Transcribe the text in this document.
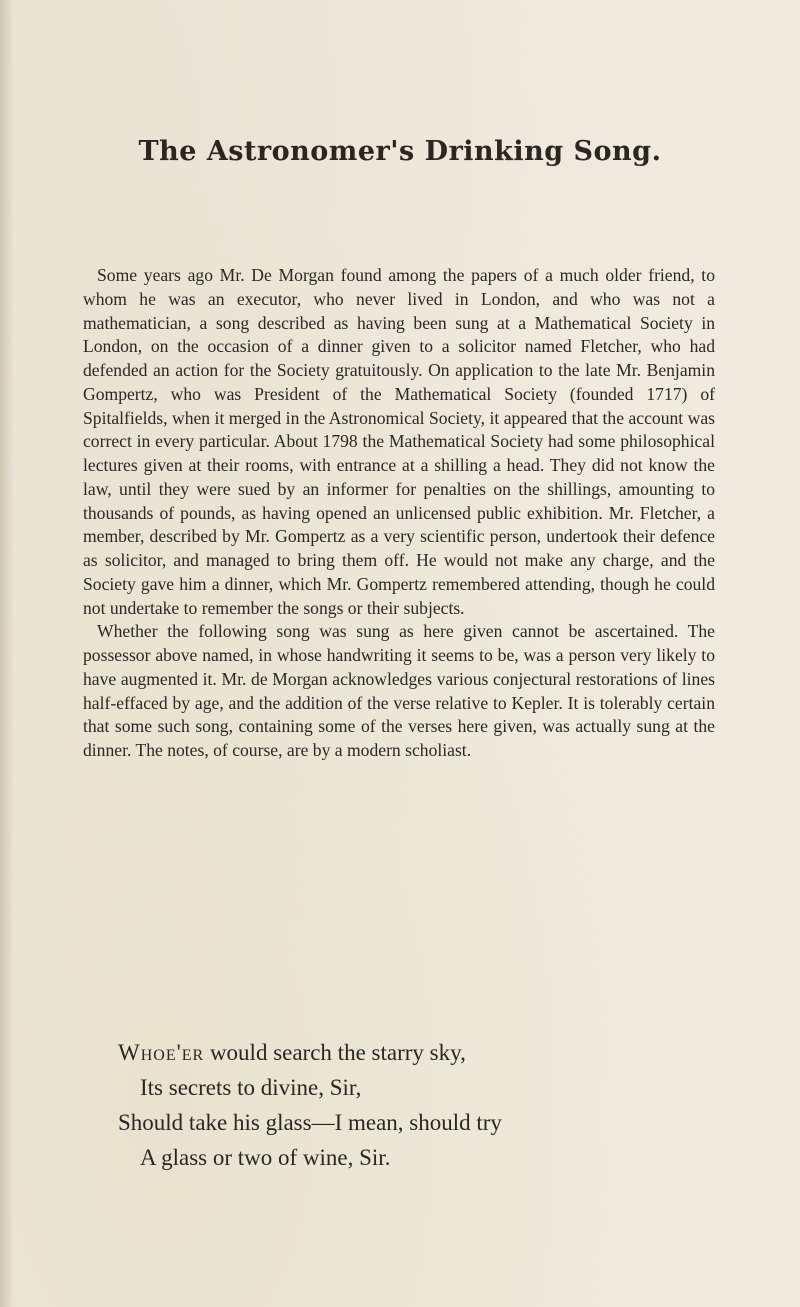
The Astronomer's Drinking Song.

Some years ago Mr. De Morgan found among the papers of a much older friend, to whom he was an executor, who never lived in London, and who was not a mathematician, a song described as having been sung at a Mathematical Society in London, on the occasion of a dinner given to a solicitor named Fletcher, who had defended an action for the Society gratuitously. On application to the late Mr. Benjamin Gompertz, who was President of the Mathematical Society (founded 1717) of Spitalfields, when it merged in the Astronomical Society, it appeared that the account was correct in every particular. About 1798 the Mathematical Society had some philosophical lectures given at their rooms, with entrance at a shilling a head. They did not know the law, until they were sued by an informer for penalties on the shillings, amounting to thousands of pounds, as having opened an unlicensed public exhibition. Mr. Fletcher, a member, described by Mr. Gompertz as a very scientific person, undertook their defence as solicitor, and managed to bring them off. He would not make any charge, and the Society gave him a dinner, which Mr. Gompertz remembered attending, though he could not undertake to remember the songs or their subjects.

Whether the following song was sung as here given cannot be ascertained. The possessor above named, in whose handwriting it seems to be, was a person very likely to have augmented it. Mr. de Morgan acknowledges various conjectural restorations of lines half-effaced by age, and the addition of the verse relative to Kepler. It is tolerably certain that some such song, containing some of the verses here given, was actually sung at the dinner. The notes, of course, are by a modern scholiast.

Whoe'er would search the starry sky,
Its secrets to divine, Sir,
Should take his glass—I mean, should try
A glass or two of wine, Sir.
